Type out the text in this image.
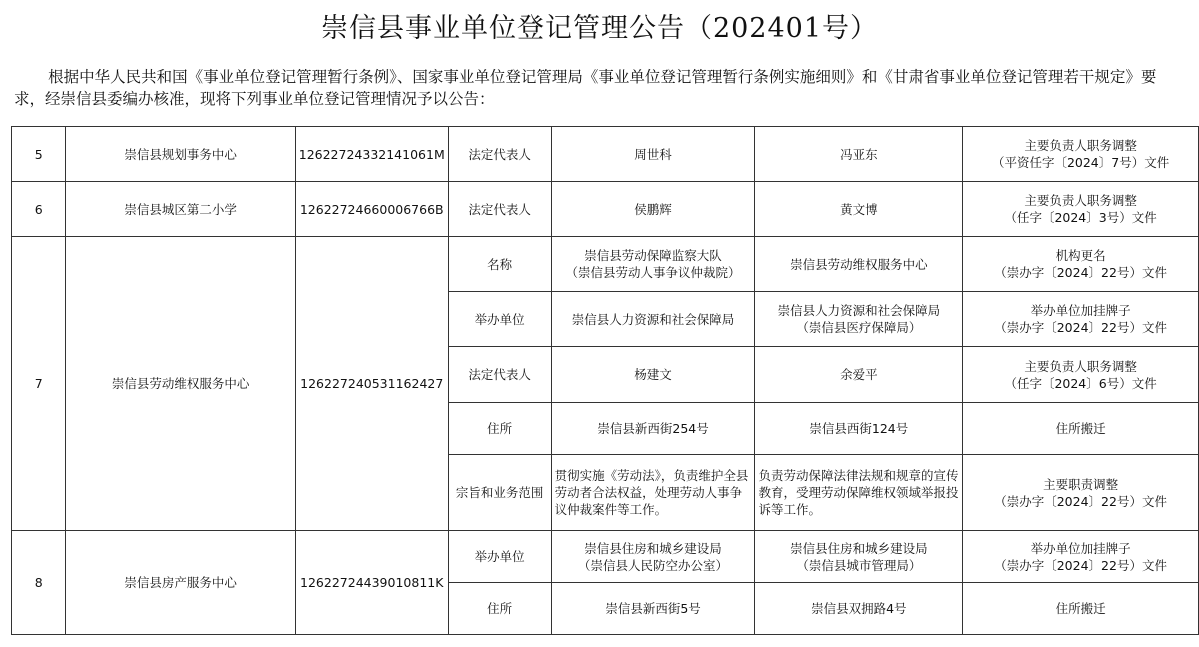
崇信县事业单位登记管理公告（202401号）
根据中华人民共和国《事业单位登记管理暂行条例》、国家事业单位登记管理局《事业单位登记管理暂行条例实施细则》和《甘肃省事业单位登记管理若干规定》要求，经崇信县委编办核准，现将下列事业单位登记管理情况予以公告：
5	崇信县规划事务中心	12622724332141061M	法定代表人	周世科	冯亚东	主要负责人职务调整
（平资任字〔2024〕7号）文件

6	崇信县城区第二小学	12622724660006766B	法定代表人	侯鹏辉	黄文博	主要负责人职务调整
（任字〔2024〕3号）文件

7	崇信县劳动维权服务中心	126227240531162427	名称	崇信县劳动保障监察大队
（崇信县劳动人事争议仲裁院）	崇信县劳动维权服务中心	机构更名
（崇办字〔2024〕22号）文件

			举办单位	崇信县人力资源和社会保障局	崇信县人力资源和社会保障局
（崇信县医疗保障局）	举办单位加挂牌子
（崇办字〔2024〕22号）文件

			法定代表人	杨建文	余爱平	主要负责人职务调整
（任字〔2024〕6号）文件

			住所	崇信县新西街254号	崇信县西街124号	住所搬迁
			宗旨和业务范围	贯彻实施《劳动法》，负责维护全县劳动者合法权益，处理劳动人事争议仲裁案件等工作。	负责劳动保障法律法规和规章的宣传教育，受理劳动保障维权领域举报投诉等工作。	主要职责调整
（崇办字〔2024〕22号）文件

8	崇信县房产服务中心	12622724439010811K	举办单位	崇信县住房和城乡建设局
（崇信县人民防空办公室）	崇信县住房和城乡建设局
（崇信县城市管理局）	举办单位加挂牌子
（崇办字〔2024〕22号）文件

			住所	崇信县新西街5号	崇信县双拥路4号	住所搬迁
